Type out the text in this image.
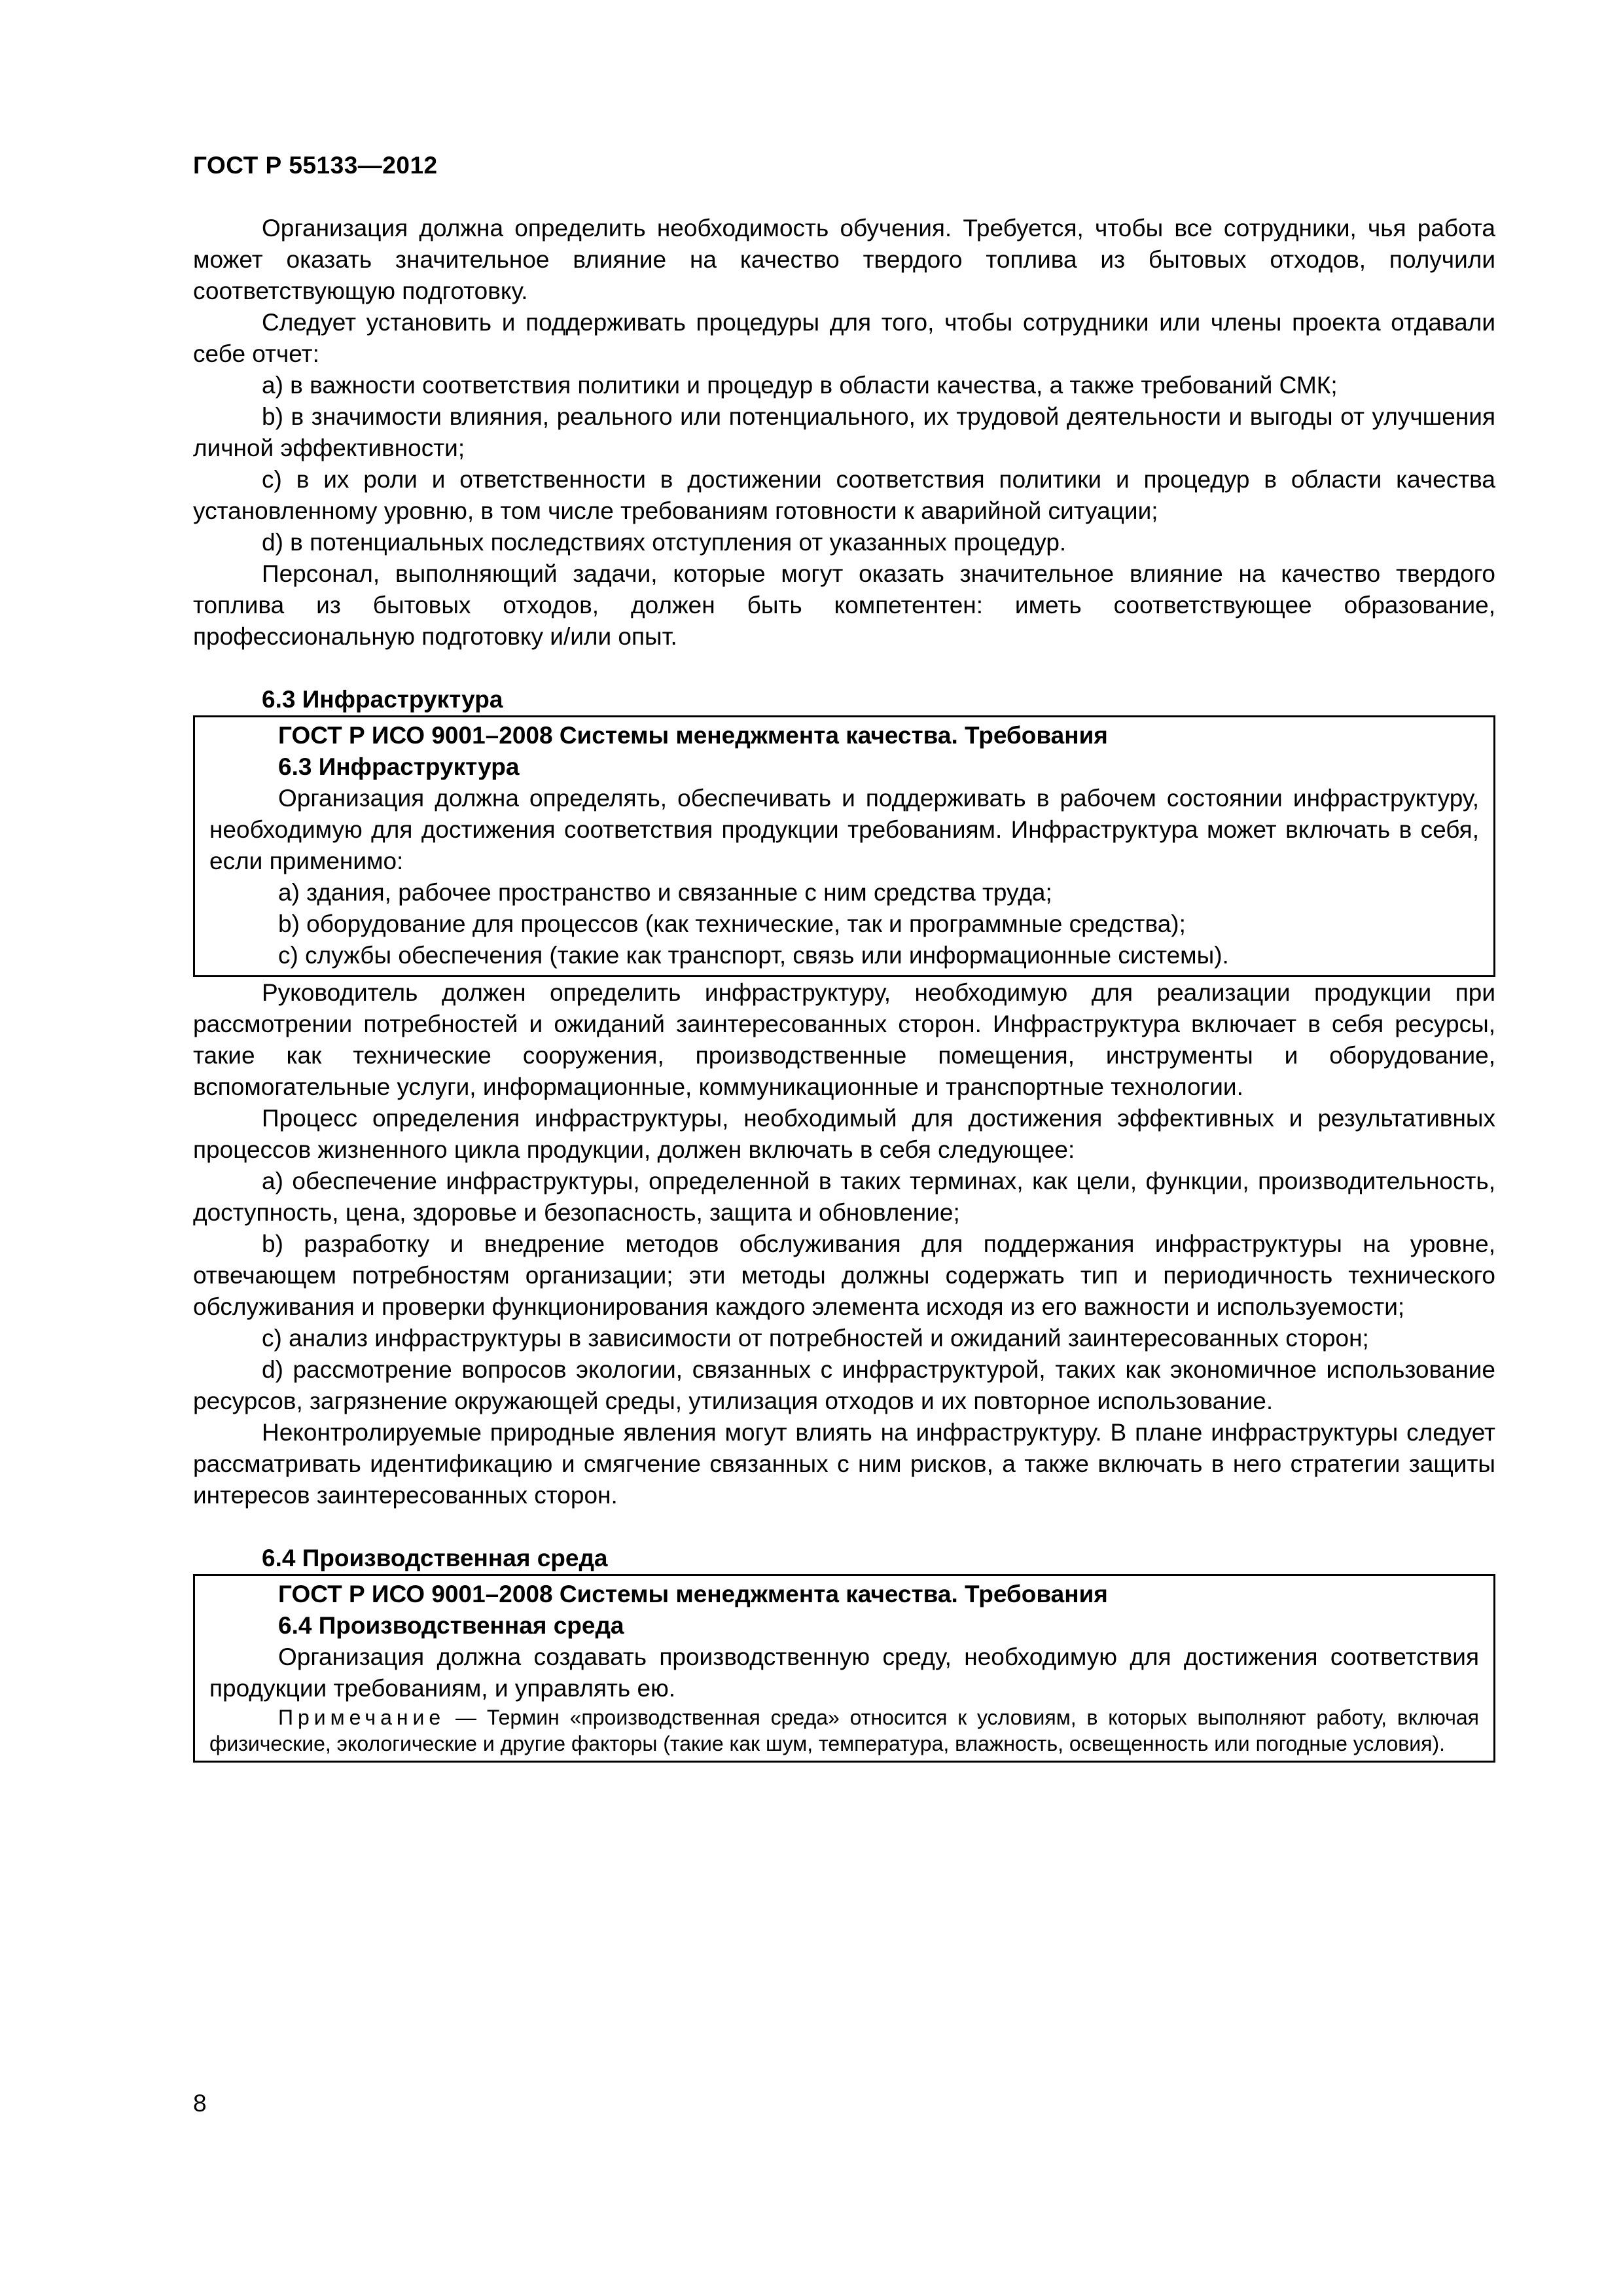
ГОСТ Р 55133—2012

Организация должна определить необходимость обучения. Требуется, чтобы все сотрудники, чья работа может оказать значительное влияние на качество твердого топлива из бытовых отходов, получили соответствующую подготовку.

Следует установить и поддерживать процедуры для того, чтобы сотрудники или члены проекта отдавали себе отчет:

a) в важности соответствия политики и процедур в области качества, а также требований СМК;

b) в значимости влияния, реального или потенциального, их трудовой деятельности и выгоды от улучшения личной эффективности;

c) в их роли и ответственности в достижении соответствия политики и процедур в области качества установленному уровню, в том числе требованиям готовности к аварийной ситуации;

d) в потенциальных последствиях отступления от указанных процедур.

Персонал, выполняющий задачи, которые могут оказать значительное влияние на качество твердого топлива из бытовых отходов, должен быть компетентен: иметь соответствующее образование, профессиональную подготовку и/или опыт.

6.3 Инфраструктура

ГОСТ Р ИСО 9001–2008 Системы менеджмента качества. Требования

6.3 Инфраструктура

Организация должна определять, обеспечивать и поддерживать в рабочем состоянии инфраструктуру, необходимую для достижения соответствия продукции требованиям. Инфраструктура может включать в себя, если применимо:

a) здания, рабочее пространство и связанные с ним средства труда;

b) оборудование для процессов (как технические, так и программные средства);

c) службы обеспечения (такие как транспорт, связь или информационные системы).

Руководитель должен определить инфраструктуру, необходимую для реализации продукции при рассмотрении потребностей и ожиданий заинтересованных сторон. Инфраструктура включает в себя ресурсы, такие как технические сооружения, производственные помещения, инструменты и оборудование, вспомогательные услуги, информационные, коммуникационные и транспортные технологии.

Процесс определения инфраструктуры, необходимый для достижения эффективных и результативных процессов жизненного цикла продукции, должен включать в себя следующее:

a) обеспечение инфраструктуры, определенной в таких терминах, как цели, функции, производительность, доступность, цена, здоровье и безопасность, защита и обновление;

b) разработку и внедрение методов обслуживания для поддержания инфраструктуры на уровне, отвечающем потребностям организации; эти методы должны содержать тип и периодичность технического обслуживания и проверки функционирования каждого элемента исходя из его важности и используемости;

c) анализ инфраструктуры в зависимости от потребностей и ожиданий заинтересованных сторон;

d) рассмотрение вопросов экологии, связанных с инфраструктурой, таких как экономичное использование ресурсов, загрязнение окружающей среды, утилизация отходов и их повторное использование.

Неконтролируемые природные явления могут влиять на инфраструктуру. В плане инфраструктуры следует рассматривать идентификацию и смягчение связанных с ним рисков, а также включать в него стратегии защиты интересов заинтересованных сторон.

6.4 Производственная среда

ГОСТ Р ИСО 9001–2008 Системы менеджмента качества. Требования

6.4 Производственная среда

Организация должна создавать производственную среду, необходимую для достижения соответствия продукции требованиям, и управлять ею.

Примечание — Термин «производственная среда» относится к условиям, в которых выполняют работу, включая физические, экологические и другие факторы (такие как шум, температура, влажность, освещенность или погодные условия).

8
